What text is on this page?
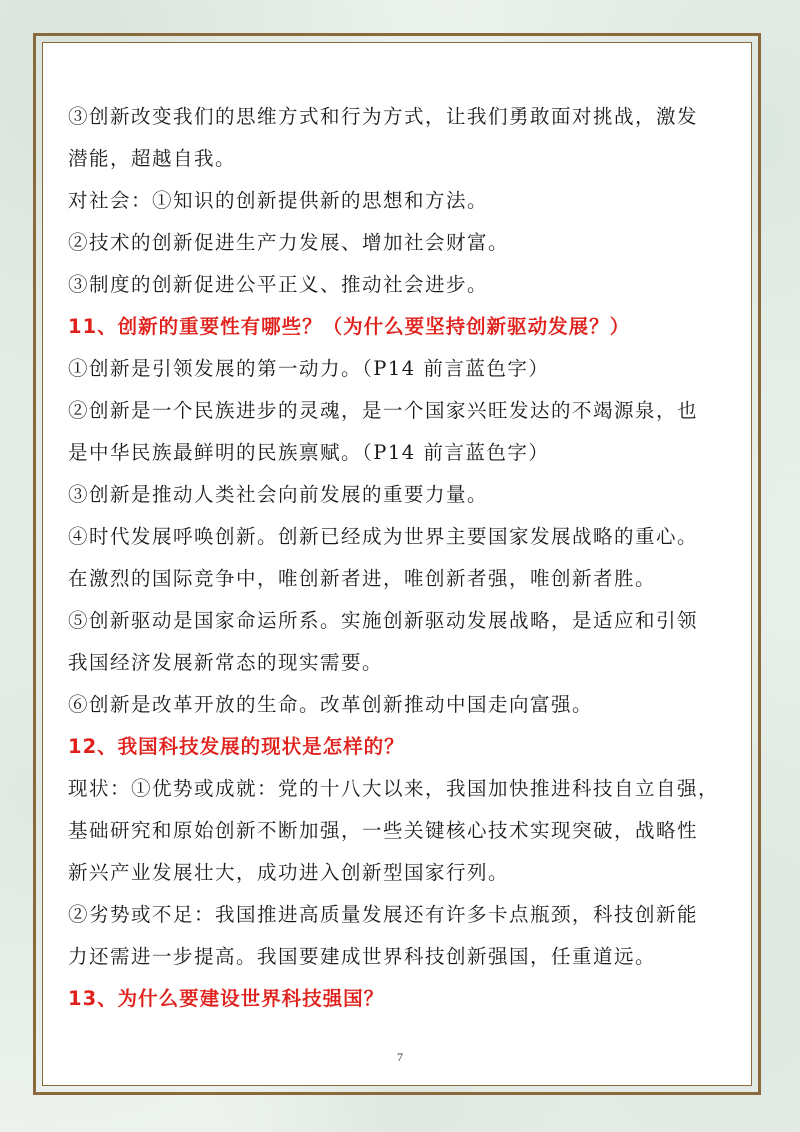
③创新改变我们的思维方式和行为方式，让我们勇敢面对挑战，激发
潜能，超越自我。
对社会：①知识的创新提供新的思想和方法。
②技术的创新促进生产力发展、增加社会财富。
③制度的创新促进公平正义、推动社会进步。
11、创新的重要性有哪些？（为什么要坚持创新驱动发展？）
①创新是引领发展的第一动力。（P14 前言蓝色字）
②创新是一个民族进步的灵魂，是一个国家兴旺发达的不竭源泉，也
是中华民族最鲜明的民族禀赋。（P14 前言蓝色字）
③创新是推动人类社会向前发展的重要力量。
④时代发展呼唤创新。创新已经成为世界主要国家发展战略的重心。
在激烈的国际竞争中，唯创新者进，唯创新者强，唯创新者胜。
⑤创新驱动是国家命运所系。实施创新驱动发展战略，是适应和引领
我国经济发展新常态的现实需要。
⑥创新是改革开放的生命。改革创新推动中国走向富强。
12、我国科技发展的现状是怎样的？
现状：①优势或成就：党的十八大以来，我国加快推进科技自立自强，
基础研究和原始创新不断加强，一些关键核心技术实现突破，战略性
新兴产业发展壮大，成功进入创新型国家行列。
②劣势或不足：我国推进高质量发展还有许多卡点瓶颈，科技创新能
力还需进一步提高。我国要建成世界科技创新强国，任重道远。
13、为什么要建设世界科技强国？
7
